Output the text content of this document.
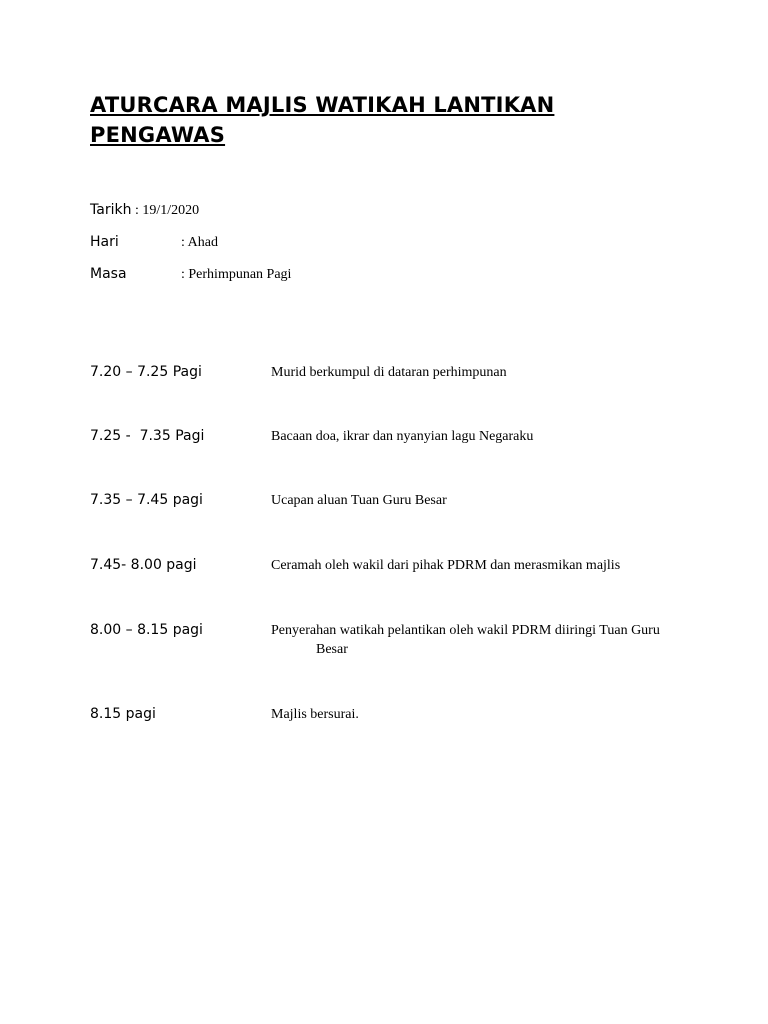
ATURCARA MAJLIS WATIKAH LANTIKAN PENGAWAS
Tarikh : 19/1/2020
Hari	: Ahad
Masa	: Perhimpunan Pagi
7.20 – 7.25 Pagi	Murid berkumpul di dataran perhimpunan
7.25 -  7.35 Pagi	Bacaan doa, ikrar dan nyanyian lagu Negaraku
7.35 – 7.45 pagi	Ucapan aluan Tuan Guru Besar
7.45- 8.00 pagi	Ceramah oleh wakil dari pihak PDRM dan merasmikan majlis
8.00 – 8.15 pagi	Penyerahan watikah pelantikan oleh wakil PDRM diiringi Tuan Guru
Besar
8.15 pagi	Majlis bersurai.
